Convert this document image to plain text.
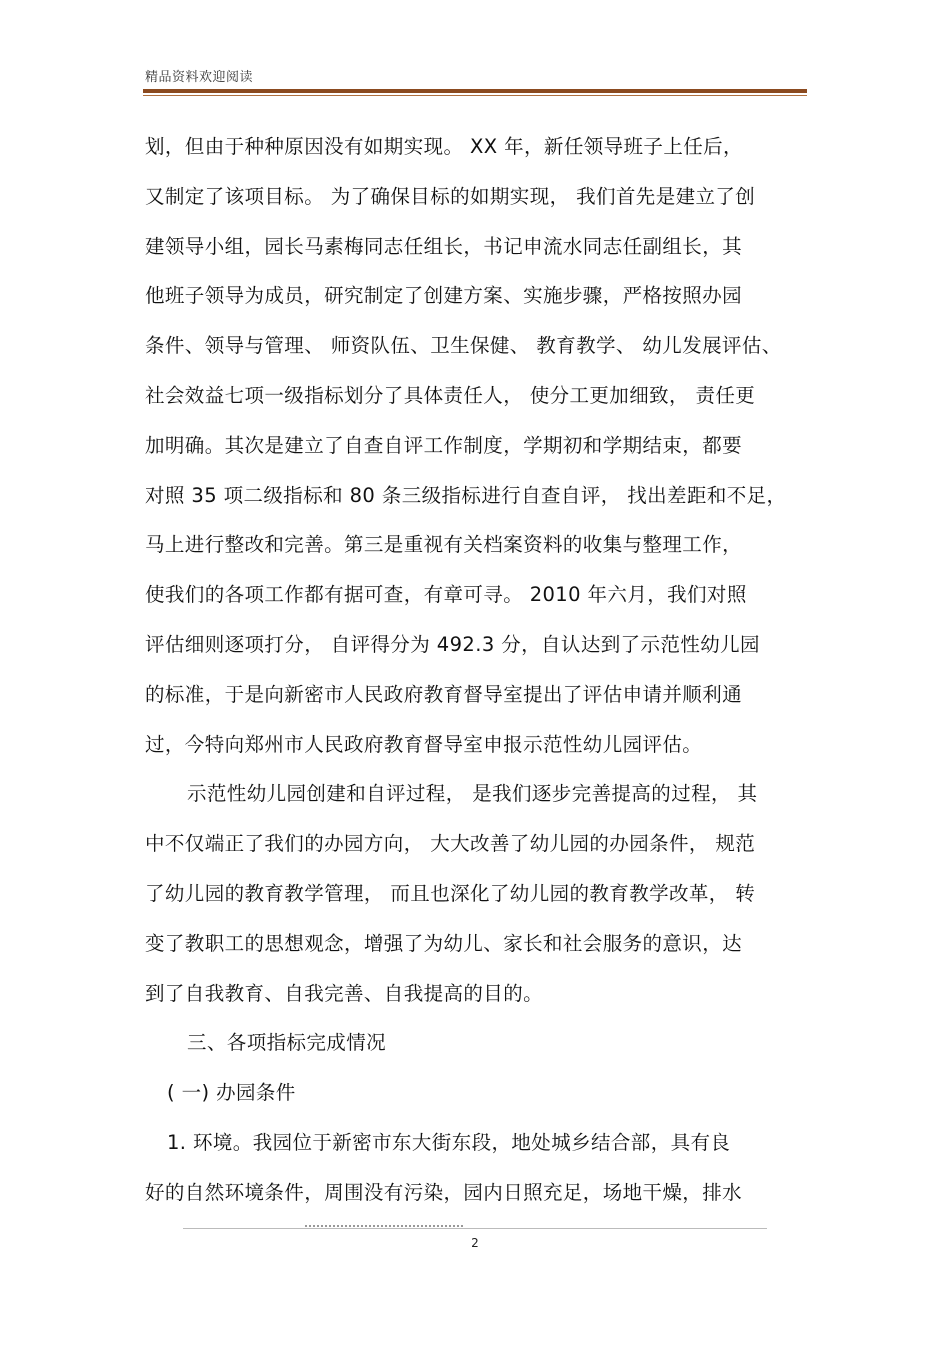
精品资料欢迎阅读
划，但由于种种原因没有如期实现。 XX 年，新任领导班子上任后，
又制定了该项目标。 为了确保目标的如期实现， 我们首先是建立了创
建领导小组，园长马素梅同志任组长，书记申流水同志任副组长，其
他班子领导为成员，研究制定了创建方案、实施步骤，严格按照办园
条件、领导与管理、 师资队伍、卫生保健、 教育教学、 幼儿发展评估、
社会效益七项一级指标划分了具体责任人， 使分工更加细致， 责任更
加明确。其次是建立了自查自评工作制度，学期初和学期结束，都要
对照 35 项二级指标和 80 条三级指标进行自查自评， 找出差距和不足，
马上进行整改和完善。第三是重视有关档案资料的收集与整理工作，
使我们的各项工作都有据可查，有章可寻。 2010 年六月，我们对照
评估细则逐项打分， 自评得分为 492.3 分，自认达到了示范性幼儿园
的标准，于是向新密市人民政府教育督导室提出了评估申请并顺利通
过，今特向郑州市人民政府教育督导室申报示范性幼儿园评估。
示范性幼儿园创建和自评过程， 是我们逐步完善提高的过程， 其
中不仅端正了我们的办园方向， 大大改善了幼儿园的办园条件， 规范
了幼儿园的教育教学管理， 而且也深化了幼儿园的教育教学改革， 转
变了教职工的思想观念，增强了为幼儿、家长和社会服务的意识，达
到了自我教育、自我完善、自我提高的目的。
三、各项指标完成情况
( 一) 办园条件
1. 环境。我园位于新密市东大街东段，地处城乡结合部，具有良
好的自然环境条件，周围没有污染，园内日照充足，场地干燥，排水
2
